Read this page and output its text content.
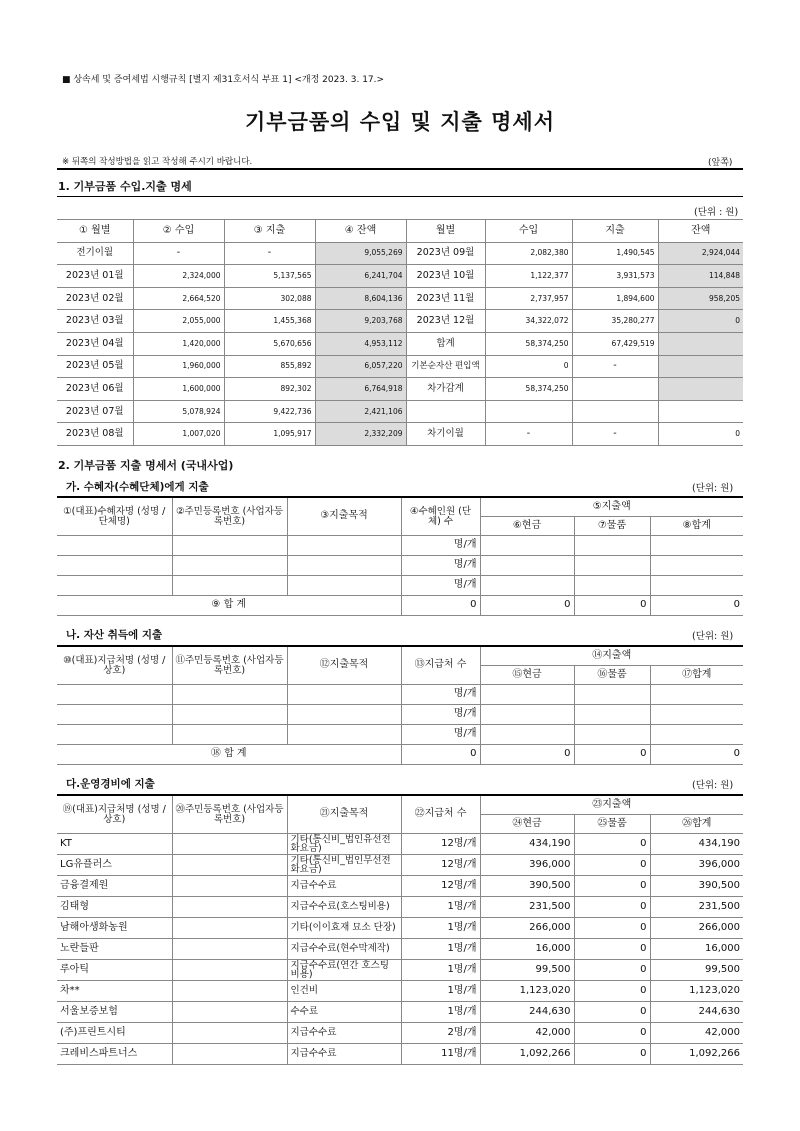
■ 상속세 및 증여세법 시행규칙 [별지 제31호서식 부표 1] <개정 2023. 3. 17.>
기부금품의 수입 및 지출 명세서
※ 뒤쪽의 작성방법을 읽고 작성해 주시기 바랍니다.	(앞쪽)
1. 기부금품 수입.지출 명세
(단위 : 원)
① 월별	② 수입	③ 지출	④ 잔액	월별	수입	지출	잔액
전기이월	-	-	9,055,269	2023년 09월	2,082,380	1,490,545	2,924,044
2023년 01월	2,324,000	5,137,565	6,241,704	2023년 10월	1,122,377	3,931,573	114,848
2023년 02월	2,664,520	302,088	8,604,136	2023년 11월	2,737,957	1,894,600	958,205
2023년 03월	2,055,000	1,455,368	9,203,768	2023년 12월	34,322,072	35,280,277	0
2023년 04월	1,420,000	5,670,656	4,953,112	합계	58,374,250	67,429,519	
2023년 05월	1,960,000	855,892	6,057,220	기본순자산 편입액	0	-	
2023년 06월	1,600,000	892,302	6,764,918	차가감계	58,374,250		
2023년 07월	5,078,924	9,422,736	2,421,106				
2023년 08월	1,007,020	1,095,917	2,332,209	차기이월	-	-	0
2. 기부금품 지출 명세서 (국내사업)
가. 수혜자(수혜단체)에게 지출	(단위: 원)
①(대표)수혜자명 (성명 / 단체명)	②주민등록번호 (사업자등록번호)	③지출목적	④수혜인원 (단체) 수	⑤지출액		
				⑥현금	⑦물품	⑧합계
			명/개			
			명/개			
			명/개			
⑨ 합 계			0	0	0	0
나. 자산 취득에 지출	(단위: 원)
⑩(대표)지급처명 (성명 / 상호)	⑪주민등록번호 (사업자등록번호)	⑫지출목적	⑬지급처 수	⑭지출액		
				⑮현금	⑯물품	⑰합계
			명/개			
			명/개			
			명/개			
⑱ 합 계			0	0	0	0
다.운영경비에 지출	(단위: 원)
⑲(대표)지급처명 (성명 / 상호)	⑳주민등록번호 (사업자등록번호)	㉑지출목적	㉒지급처 수	㉓지출액		
				㉔현금	㉕물품	㉖합계
KT		기타(통신비_법인유선전화요금)	12명/개	434,190	0	434,190
LG유플러스		기타(통신비_법인무선전화요금)	12명/개	396,000	0	396,000
금융결제원		지급수수료	12명/개	390,500	0	390,500
김태형		지급수수료(호스팅비용)	1명/개	231,500	0	231,500
남해아생화농원		기타(이이효재 묘소 단장)	1명/개	266,000	0	266,000
노란들판		지급수수료(현수막제작)	1명/개	16,000	0	16,000
루아틱		지급수수료(연간 호스팅비용)	1명/개	99,500	0	99,500
차**		인건비	1명/개	1,123,020	0	1,123,020
서울보증보험		수수료	1명/개	244,630	0	244,630
(주)프린트시티		지급수수료	2명/개	42,000	0	42,000
크레비스파트너스		지급수수료	11명/개	1,092,266	0	1,092,266
